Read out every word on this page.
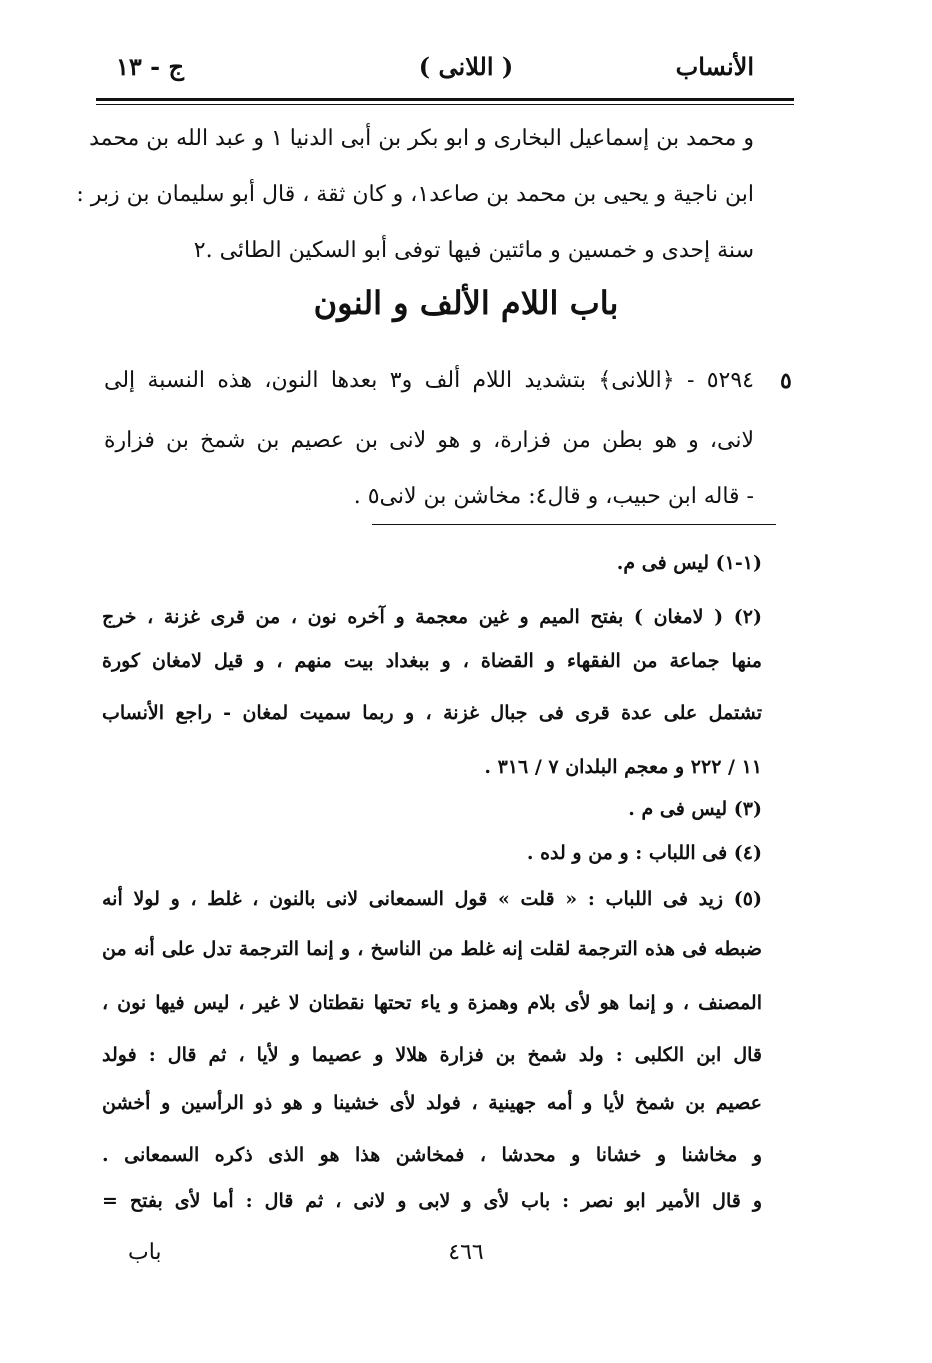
الأنساب
( اللانى )
ج - ١٣
و محمد بن إسماعيل البخارى و ابو بكر بن أبى الدنيا ١ و عبد الله بن محمد
ابن ناجية و يحيى بن محمد بن صاعد١، و كان ثقة ، قال أبو سليمان بن زبر :
سنة إحدى و خمسين و مائتين فيها توفى أبو السكين الطائى .٢
باب اللام الألف و النون
٥
٥٢٩٤ - ﴿اللانى﴾ بتشديد اللام ألف و٣ بعدها النون، هذه النسبة إلى
لانى، و هو بطن من فزارة، و هو لانى بن عصيم بن شمخ بن فزارة
- قاله ابن حبيب، و قال٤: مخاشن بن لانى٥ .
(١-١) ليس فى م.
(٢) ( لامغان ) بفتح الميم و غين معجمة و آخره نون ، من قرى غزنة ، خرج
منها جماعة من الفقهاء و القضاة ، و ببغداد بيت منهم ، و قيل لامغان كورة
تشتمل على عدة قرى فى جبال غزنة ، و ربما سميت لمغان - راجع الأنساب
١١ / ٢٢٢ و معجم البلدان ٧ / ٣١٦ .
(٣) ليس فى م .
(٤) فى اللباب : و من و لده .
(٥) زيد فى اللباب : « قلت » قول السمعانى لانى بالنون ، غلط ، و لولا أنه
ضبطه فى هذه الترجمة لقلت إنه غلط من الناسخ ، و إنما الترجمة تدل على أنه من
المصنف ، و إنما هو لأى بلام وهمزة و ياء تحتها نقطتان لا غير ، ليس فيها نون ،
قال ابن الكلبى : ولد شمخ بن فزارة هلالا و عصيما و لأيا ، ثم قال : فولد
عصيم بن شمخ لأيا و أمه جهينية ، فولد لأى خشينا و هو ذو الرأسين و أخشن
و مخاشنا و خشانا و محدشا ، فمخاشن هذا هو الذى ذكره السمعانى .
و قال الأمير ابو نصر : باب لأى و لابى و لانى ، ثم قال : أما لأى بفتح =
٤٦٦
باب
